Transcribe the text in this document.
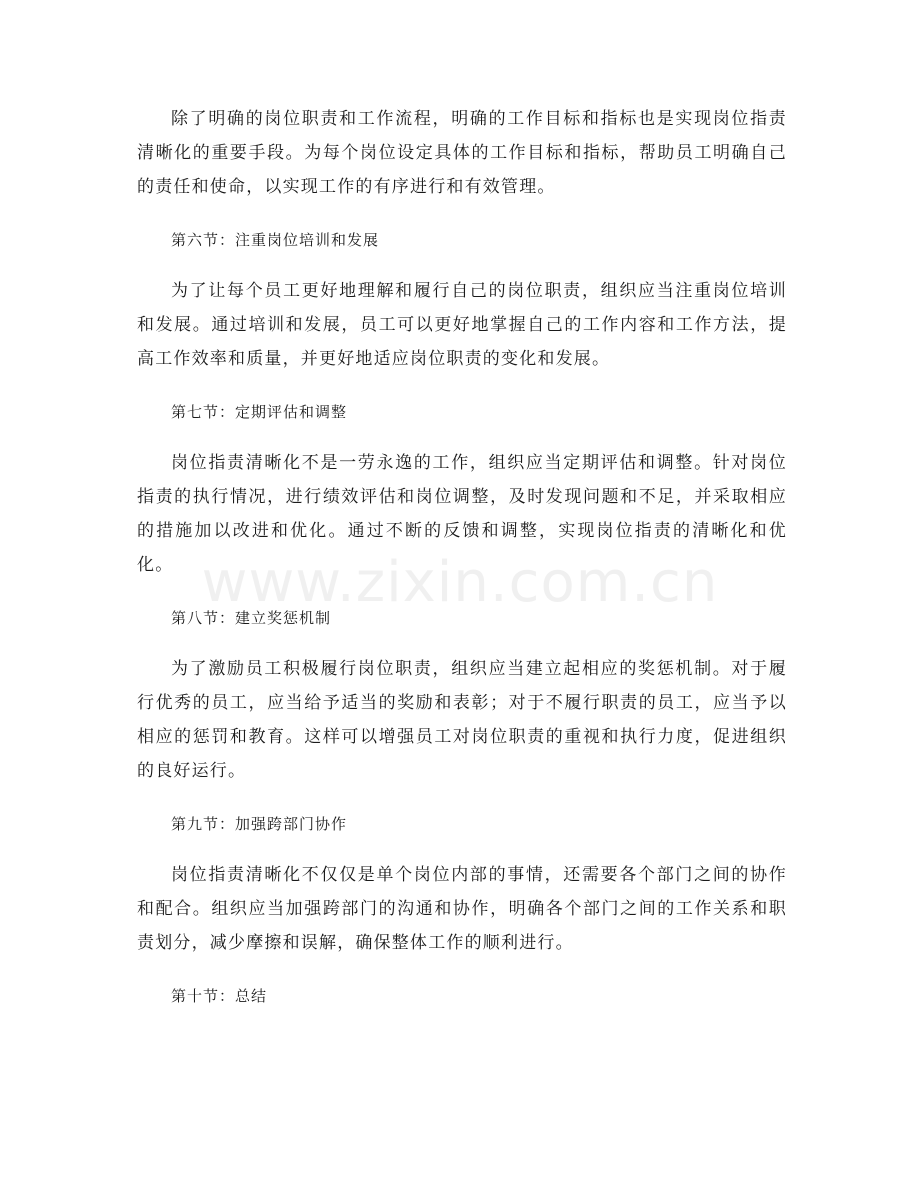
除了明确的岗位职责和工作流程，明确的工作目标和指标也是实现岗位指责清晰化的重要手段。为每个岗位设定具体的工作目标和指标，帮助员工明确自己的责任和使命，以实现工作的有序进行和有效管理。

第六节：注重岗位培训和发展

为了让每个员工更好地理解和履行自己的岗位职责，组织应当注重岗位培训和发展。通过培训和发展，员工可以更好地掌握自己的工作内容和工作方法，提高工作效率和质量，并更好地适应岗位职责的变化和发展。

第七节：定期评估和调整

岗位指责清晰化不是一劳永逸的工作，组织应当定期评估和调整。针对岗位指责的执行情况，进行绩效评估和岗位调整，及时发现问题和不足，并采取相应的措施加以改进和优化。通过不断的反馈和调整，实现岗位指责的清晰化和优化。

第八节：建立奖惩机制

为了激励员工积极履行岗位职责，组织应当建立起相应的奖惩机制。对于履行优秀的员工，应当给予适当的奖励和表彰；对于不履行职责的员工，应当予以相应的惩罚和教育。这样可以增强员工对岗位职责的重视和执行力度，促进组织的良好运行。

第九节：加强跨部门协作

岗位指责清晰化不仅仅是单个岗位内部的事情，还需要各个部门之间的协作和配合。组织应当加强跨部门的沟通和协作，明确各个部门之间的工作关系和职责划分，减少摩擦和误解，确保整体工作的顺利进行。

第十节：总结

www.zixin.com.cn
